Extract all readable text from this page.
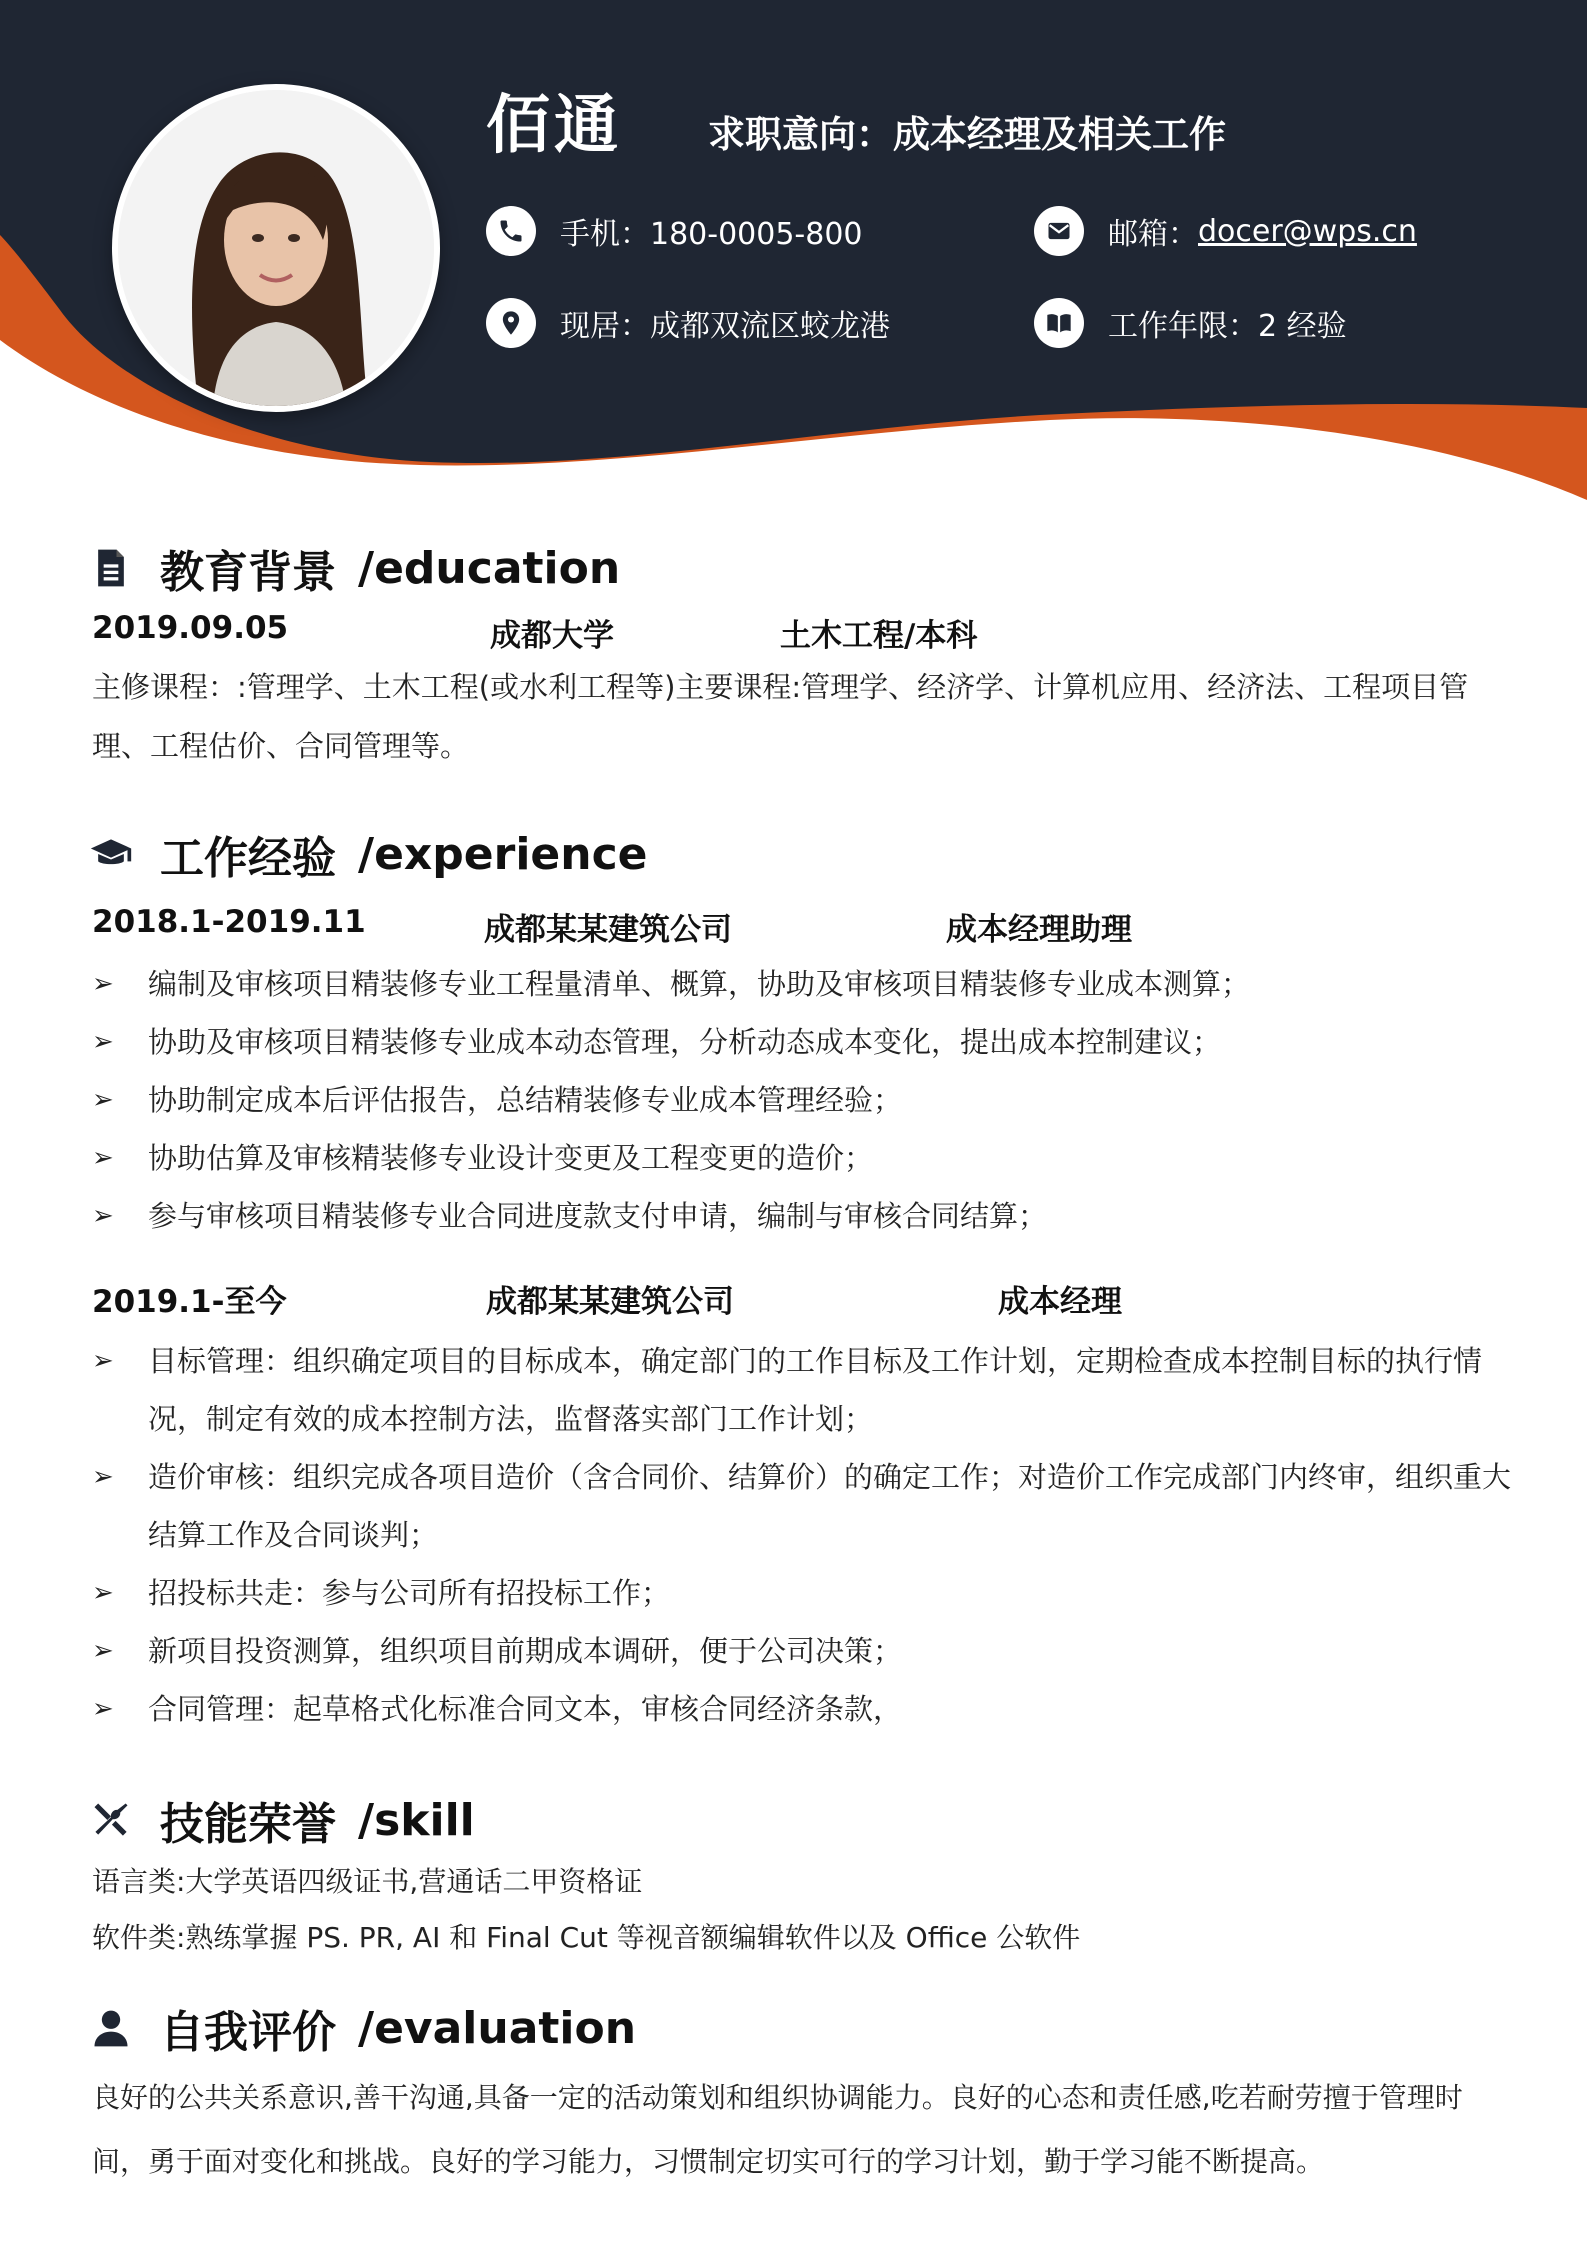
佰通 求职意向：成本经理及相关工作
手机：180-0005-800	邮箱： docer@wps.cn
现居：成都双流区蛟龙港	工作年限：2 经验
教育背景 /education
2019.09.05	成都大学	土木工程/本科
主修课程：:管理学、土木工程(或水利工程等)主要课程:管理学、经济学、计算机应用、经济法、工程项目管理、工程估价、合同管理等。
工作经验 /experience
2018.1-2019.11	成都某某建筑公司	成本经理助理
➢ 编制及审核项目精装修专业工程量清单、概算，协助及审核项目精装修专业成本测算；
➢ 协助及审核项目精装修专业成本动态管理，分析动态成本变化，提出成本控制建议；
➢ 协助制定成本后评估报告，总结精装修专业成本管理经验；
➢ 协助估算及审核精装修专业设计变更及工程变更的造价；
➢ 参与审核项目精装修专业合同进度款支付申请，编制与审核合同结算；
2019.1-至今	成都某某建筑公司	成本经理
➢ 目标管理：组织确定项目的目标成本，确定部门的工作目标及工作计划，定期检查成本控制目标的执行情况，制定有效的成本控制方法，监督落实部门工作计划；
➢ 造价审核：组织完成各项目造价（含合同价、结算价）的确定工作；对造价工作完成部门内终审，组织重大结算工作及合同谈判；
➢ 招投标共走：参与公司所有招投标工作；
➢ 新项目投资测算，组织项目前期成本调研，便于公司决策；
➢ 合同管理：起草格式化标准合同文本，审核合同经济条款，
技能荣誉 /skill
语言类:大学英语四级证书,营通话二甲资格证
软件类:熟练掌握 PS. PR, AI 和 Final Cut 等视音额编辑软件以及 Office 公软件
自我评价 /evaluation
良好的公共关系意识,善干沟通,具备一定的活动策划和组织协调能力。良好的心态和责任感,吃若耐劳擅于管理时间，勇于面对变化和挑战。良好的学习能力，习惯制定切实可行的学习计划，勤于学习能不断提高。
